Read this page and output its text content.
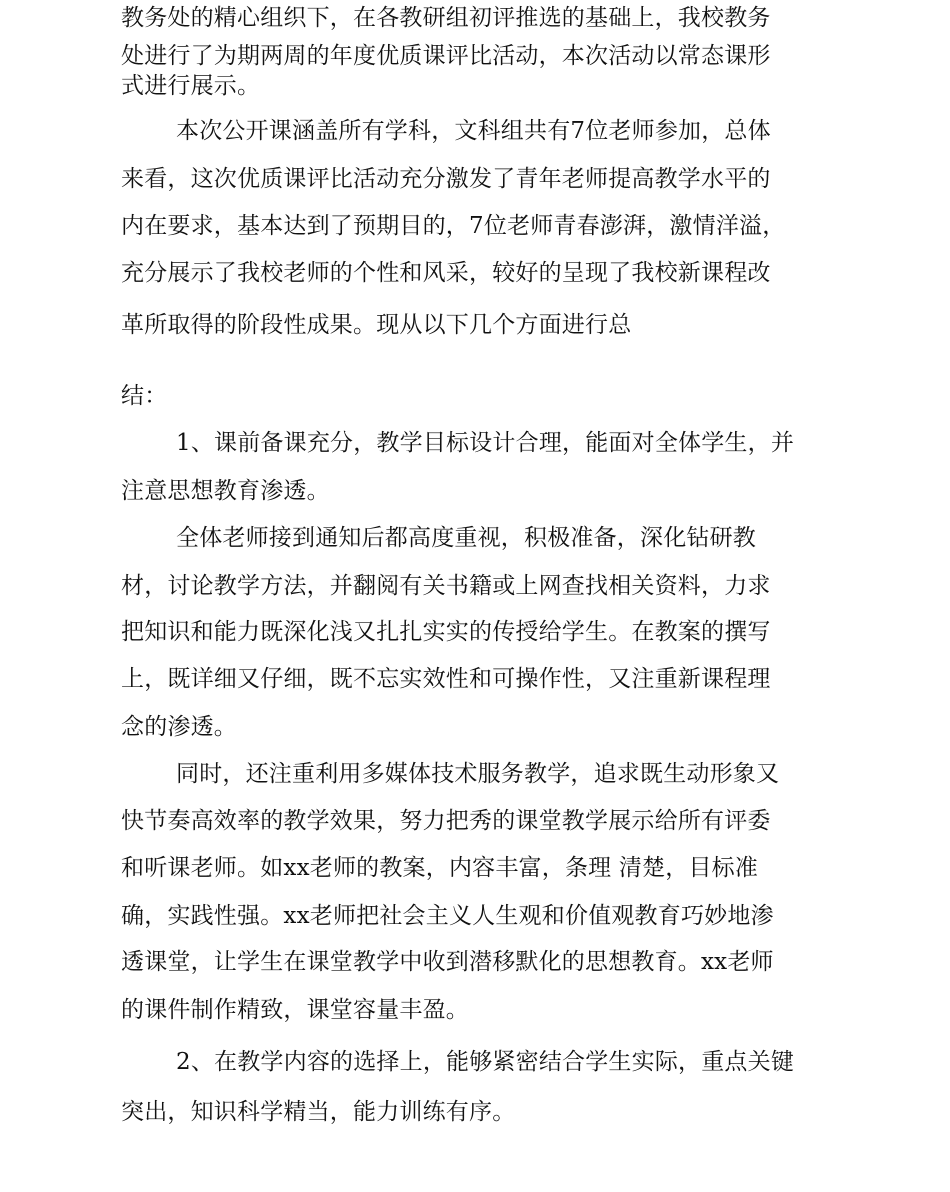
教务处的精心组织下，在各教研组初评推选的基础上，我校教务
处进行了为期两周的年度优质课评比活动，本次活动以常态课形
式进行展示。
本次公开课涵盖所有学科，文科组共有7位老师参加，总体
来看，这次优质课评比活动充分激发了青年老师提高教学水平的
内在要求，基本达到了预期目的，7位老师青春澎湃，激情洋溢，
充分展示了我校老师的个性和风采，较好的呈现了我校新课程改
革所取得的阶段性成果。现从以下几个方面进行总
结：
1、课前备课充分，教学目标设计合理，能面对全体学生，并
注意思想教育渗透。
全体老师接到通知后都高度重视，积极准备，深化钻研教
材，讨论教学方法，并翻阅有关书籍或上网查找相关资料，力求
把知识和能力既深化浅又扎扎实实的传授给学生。在教案的撰写
上，既详细又仔细，既不忘实效性和可操作性，又注重新课程理
念的渗透。
同时，还注重利用多媒体技术服务教学，追求既生动形象又
快节奏高效率的教学效果，努力把秀的课堂教学展示给所有评委
和听课老师。如xx老师的教案，内容丰富，条理 清楚，目标准
确，实践性强。xx老师把社会主义人生观和价值观教育巧妙地渗
透课堂，让学生在课堂教学中收到潜移默化的思想教育。xx老师
的课件制作精致，课堂容量丰盈。
2、在教学内容的选择上，能够紧密结合学生实际，重点关键
突出，知识科学精当，能力训练有序。
